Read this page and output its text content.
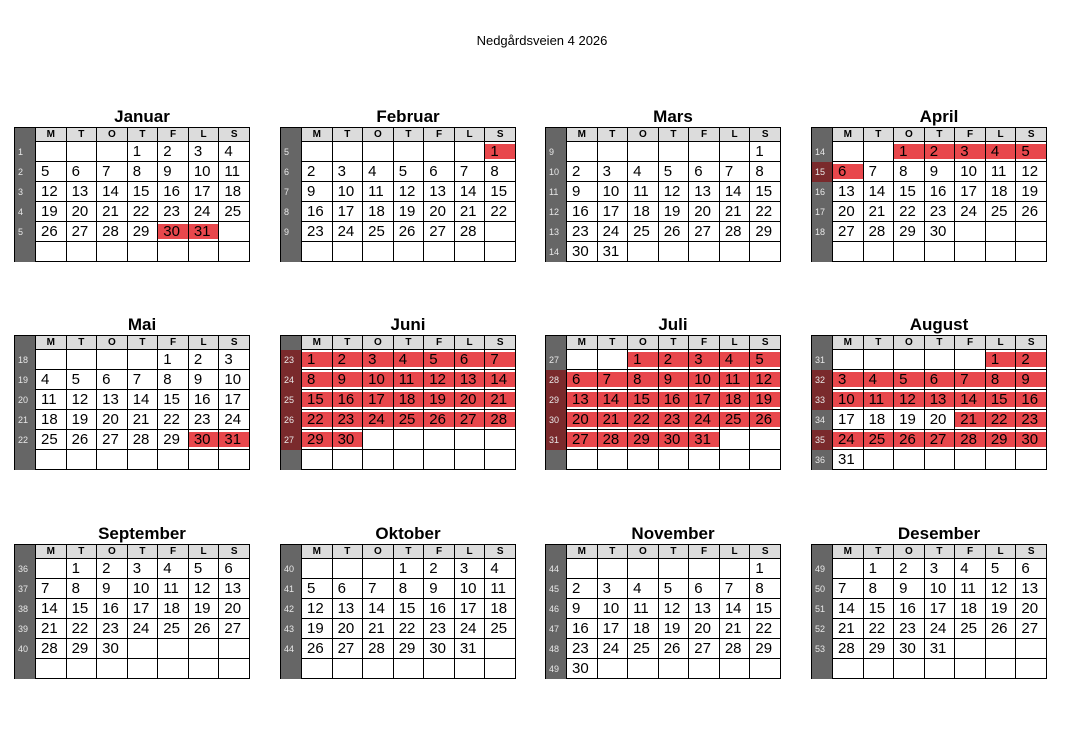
Nedgårdsveien 4 2026
Januar
	M	T	O	T	F	L	S
1				1	2	3	4
2	5	6	7	8	9	10	11
3	12	13	14	15	16	17	18
4	19	20	21	22	23	24	25
5	26	27	28	29	30	31	

Februar
	M	T	O	T	F	L	S
5							1
6	2	3	4	5	6	7	8
7	9	10	11	12	13	14	15
8	16	17	18	19	20	21	22
9	23	24	25	26	27	28	

Mars
	M	T	O	T	F	L	S
9							1
10	2	3	4	5	6	7	8
11	9	10	11	12	13	14	15
12	16	17	18	19	20	21	22
13	23	24	25	26	27	28	29
14	30	31					
April
	M	T	O	T	F	L	S
14			1	2	3	4	5
15	6	7	8	9	10	11	12
16	13	14	15	16	17	18	19
17	20	21	22	23	24	25	26
18	27	28	29	30			

Mai
	M	T	O	T	F	L	S
18					1	2	3
19	4	5	6	7	8	9	10
20	11	12	13	14	15	16	17
21	18	19	20	21	22	23	24
22	25	26	27	28	29	30	31

Juni
	M	T	O	T	F	L	S
23	1	2	3	4	5	6	7
24	8	9	10	11	12	13	14
25	15	16	17	18	19	20	21
26	22	23	24	25	26	27	28
27	29	30					

Juli
	M	T	O	T	F	L	S
27			1	2	3	4	5
28	6	7	8	9	10	11	12
29	13	14	15	16	17	18	19
30	20	21	22	23	24	25	26
31	27	28	29	30	31		

August
	M	T	O	T	F	L	S
31						1	2
32	3	4	5	6	7	8	9
33	10	11	12	13	14	15	16
34	17	18	19	20	21	22	23
35	24	25	26	27	28	29	30
36	31						
September
	M	T	O	T	F	L	S
36		1	2	3	4	5	6
37	7	8	9	10	11	12	13
38	14	15	16	17	18	19	20
39	21	22	23	24	25	26	27
40	28	29	30				

Oktober
	M	T	O	T	F	L	S
40				1	2	3	4
41	5	6	7	8	9	10	11
42	12	13	14	15	16	17	18
43	19	20	21	22	23	24	25
44	26	27	28	29	30	31	

November
	M	T	O	T	F	L	S
44							1
45	2	3	4	5	6	7	8
46	9	10	11	12	13	14	15
47	16	17	18	19	20	21	22
48	23	24	25	26	27	28	29
49	30						
Desember
	M	T	O	T	F	L	S
49		1	2	3	4	5	6
50	7	8	9	10	11	12	13
51	14	15	16	17	18	19	20
52	21	22	23	24	25	26	27
53	28	29	30	31			
